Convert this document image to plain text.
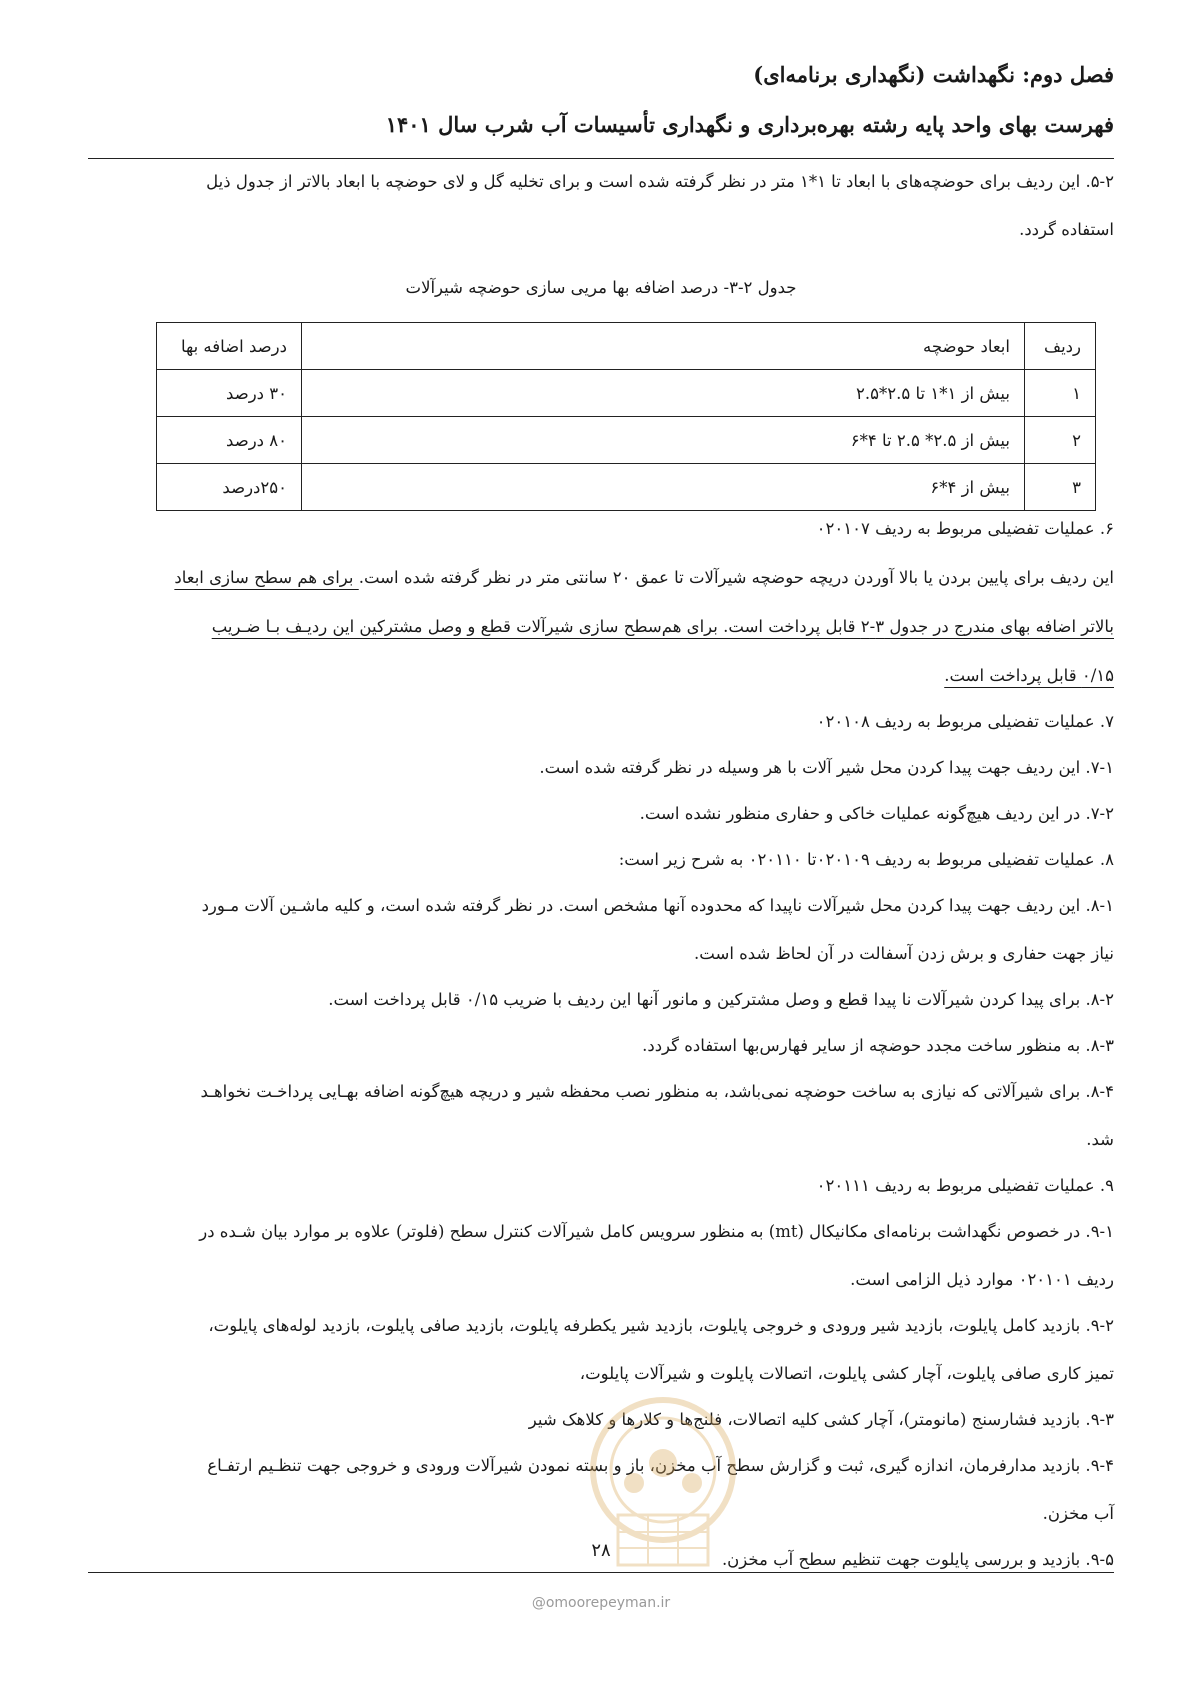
فصل دوم: نگهداشت (نگهداری برنامه‌ای)
فهرست بهای واحد پایه رشته بهره‌برداری و نگهداری تأسیسات آب شرب سال ۱۴۰۱
۵-۲. این ردیف برای حوضچه‌های با ابعاد تا ۱*۱ متر در نظر گرفته شده است و برای تخلیه گل و لای حوضچه با ابعاد بالاتر از جدول ذیل
استفاده گردد.
جدول ۲-۳- درصد اضافه بها مریی سازی حوضچه شیرآلات
ردیف	ابعاد حوضچه	درصد اضافه بها
۱	بیش از ۱*۱ تا ۲.۵*۲.۵	۳۰ درصد
۲	بیش از ۲.۵* ۲.۵ تا ۴*۶	۸۰ درصد
۳	بیش از ۴*۶	۲۵۰درصد
۶. عملیات تفضیلی مربوط به ردیف ۰۲۰۱۰۷
این ردیف برای پایین بردن یا بالا آوردن دریچه حوضچه شیرآلات تا عمق ۲۰ سانتی متر در نظر گرفته شده است. برای هم سطح سازی ابعاد
بالاتر اضافه بهای مندرج در جدول ۳-۲ قابل پرداخت است. برای هم‌سطح سازی شیرآلات قطع و وصل مشترکین این ردیـف بـا ضـریب
۰/۱۵ قابل پرداخت است.
۷. عملیات تفضیلی مربوط به ردیف ۰۲۰۱۰۸
۷-۱. این ردیف جهت پیدا کردن محل شیر آلات با هر وسیله در نظر گرفته شده است.
۷-۲. در این ردیف هیچ‌گونه عملیات خاکی و حفاری منظور نشده است.
۸. عملیات تفضیلی مربوط به ردیف ۰۲۰۱۰۹تا ۰۲۰۱۱۰ به شرح زیر است:
۸-۱. این ردیف جهت پیدا کردن محل شیرآلات ناپیدا که محدوده آنها مشخص است. در نظر گرفته شده است، و کلیه ماشـین آلات مـورد
نیاز جهت حفاری و برش زدن آسفالت در آن لحاظ شده است.
۸-۲. برای پیدا کردن شیرآلات نا پیدا قطع و وصل مشترکین و مانور آنها این ردیف با ضریب ۰/۱۵ قابل پرداخت است.
۸-۳. به منظور ساخت مجدد حوضچه از سایر فهارس‌بها استفاده گردد.
۸-۴. برای شیرآلاتی که نیازی به ساخت حوضچه نمی‌باشد، به منظور نصب محفظه شیر و دریچه هیچ‌گونه اضافه بهـایی پرداخـت نخواهـد
شد.
۹. عملیات تفضیلی مربوط به ردیف ۰۲۰۱۱۱
۹-۱. در خصوص نگهداشت برنامه‌ای مکانیکال (mt) به منظور سرویس کامل شیرآلات کنترل سطح (فلوتر) علاوه بر موارد بیان شـده در
ردیف ۰۲۰۱۰۱ موارد ذیل الزامی است.
۹-۲. بازدید کامل پایلوت، بازدید شیر ورودی و خروجی پایلوت، بازدید شیر یکطرفه پایلوت، بازدید صافی پایلوت، بازدید لوله‌های پایلوت،
تمیز کاری صافی پایلوت، آچار کشی پایلوت، اتصالات پایلوت و شیرآلات پایلوت،
۹-۳. بازدید فشارسنج (مانومتر)، آچار کشی کلیه اتصالات، فلنج‌ها و کلارها و کلاهک شیر
۹-۴. بازدید مدارفرمان، اندازه گیری، ثبت و گزارش سطح آب مخزن، باز و بسته نمودن شیرآلات ورودی و خروجی جهت تنظـیم ارتفـاع
آب مخزن.
۹-۵. بازدید و بررسی پایلوت جهت تنظیم سطح آب مخزن.
۲۸
@omoorepeyman.ir
